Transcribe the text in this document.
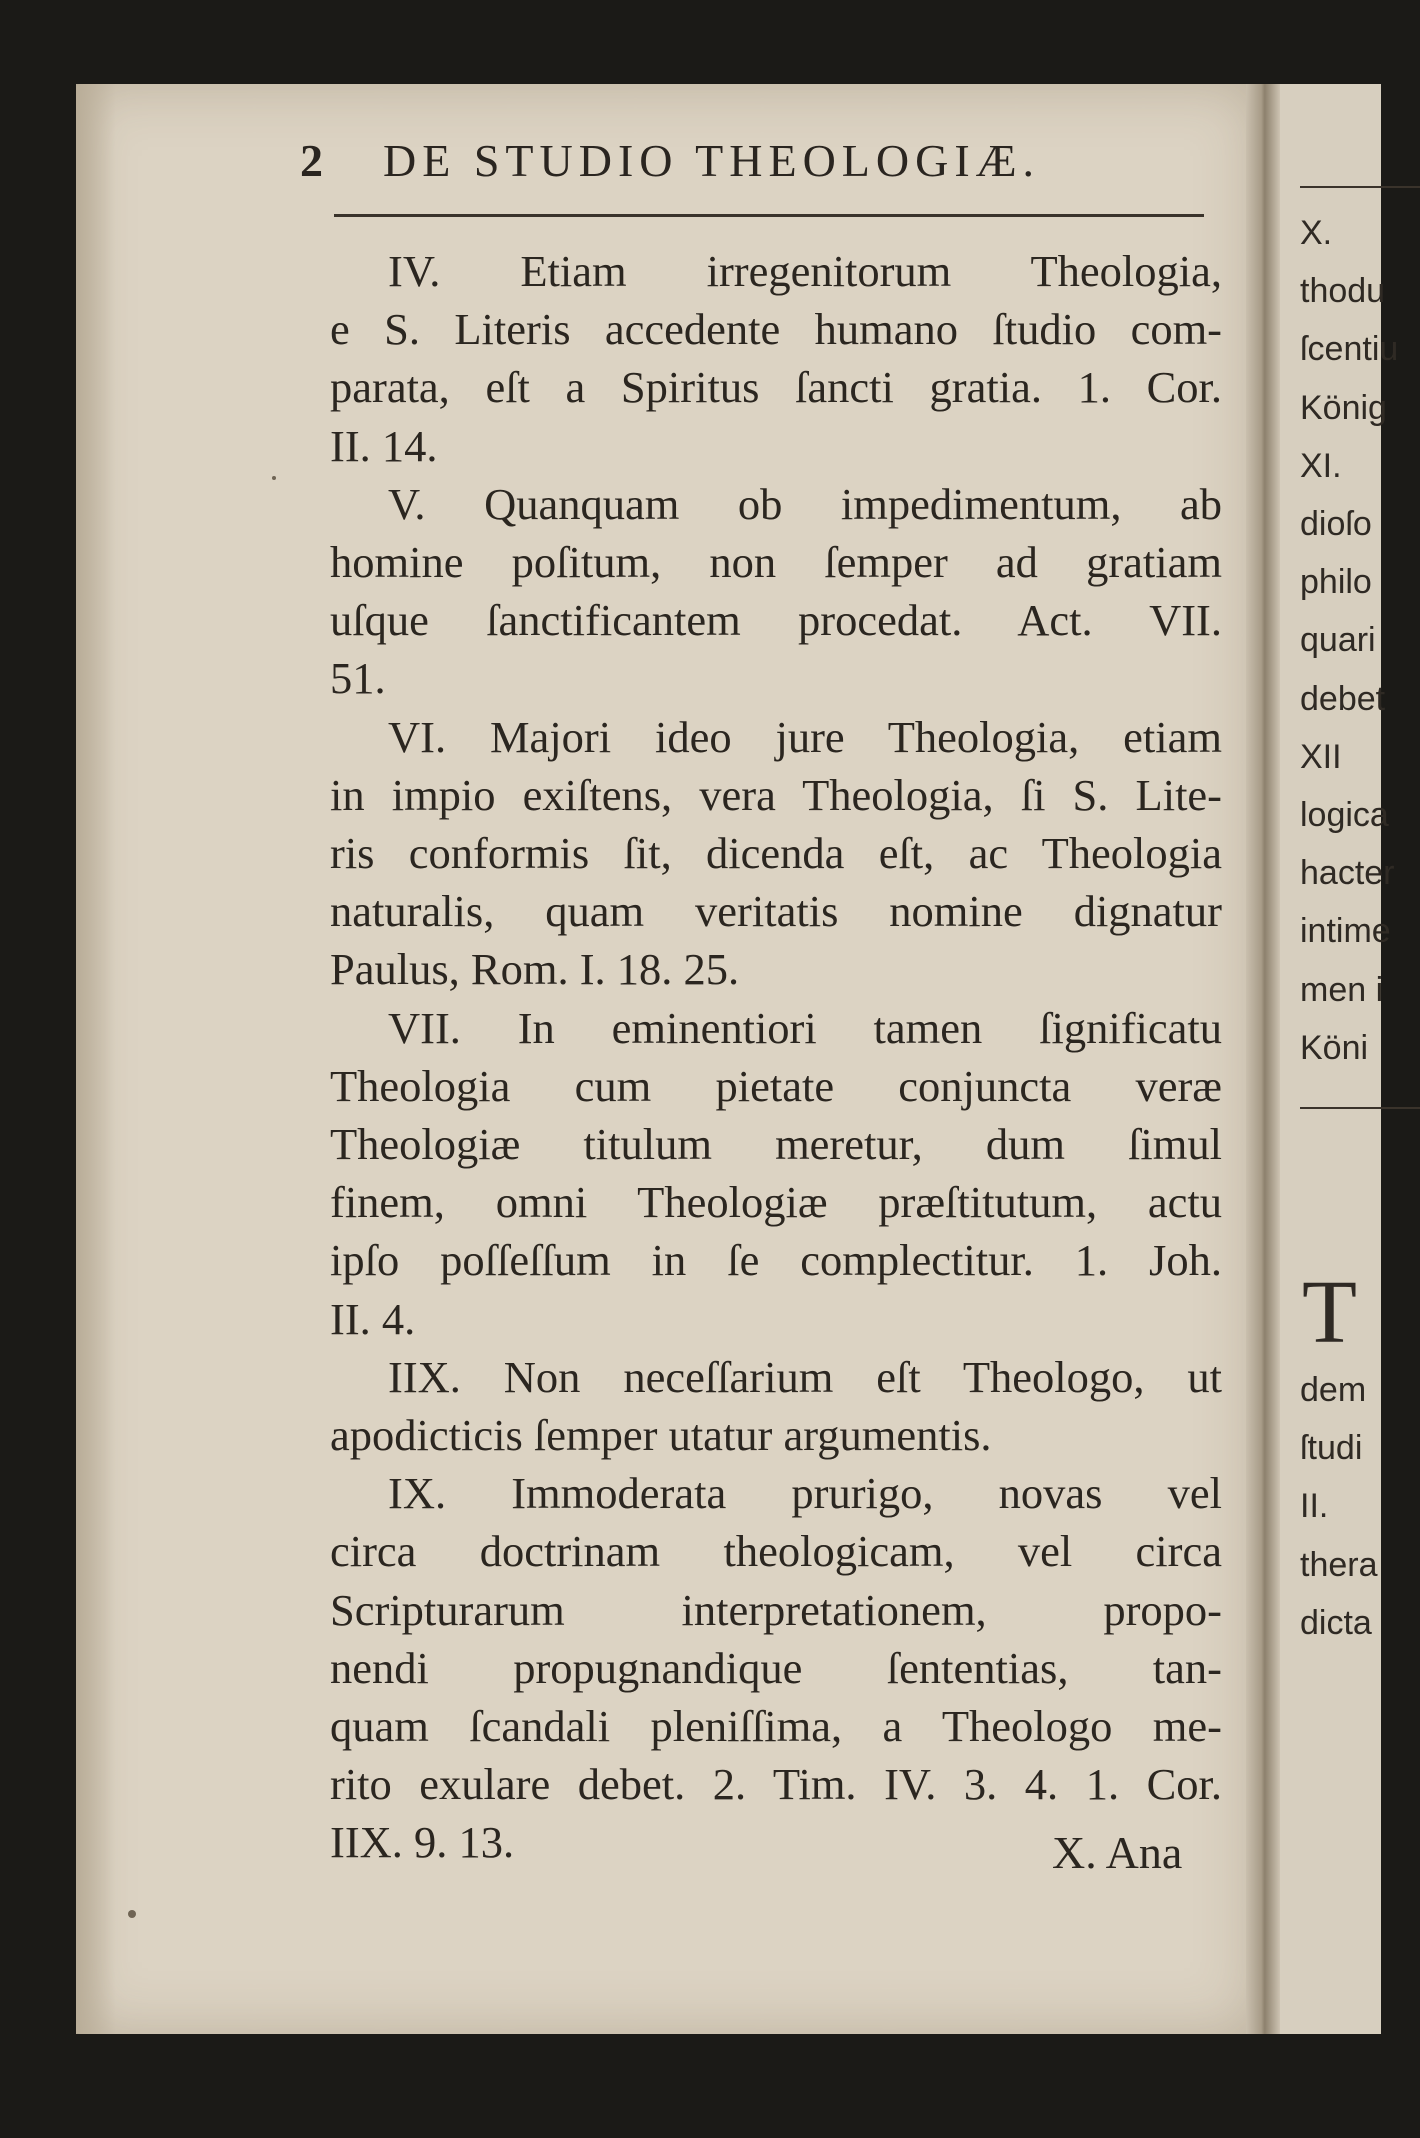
2 DE STUDIO THEOLOGIÆ.
IV. Etiam irregenitorum Theologia,
e S. Literis accedente humano ſtudio com-
parata, eſt a Spiritus ſancti gratia. 1. Cor.
II. 14.
V. Quanquam ob impedimentum, ab
homine poſitum, non ſemper ad gratiam
uſque ſanctificantem procedat. Act. VII.
51.
VI. Majori ideo jure Theologia, etiam
in impio exiſtens, vera Theologia, ſi S. Lite-
ris conformis ſit, dicenda eſt, ac Theologia
naturalis, quam veritatis nomine dignatur
Paulus, Rom. I. 18. 25.
VII. In eminentiori tamen ſignificatu
Theologia cum pietate conjuncta veræ
Theologiæ titulum meretur, dum ſimul
finem, omni Theologiæ præſtitutum, actu
ipſo poſſeſſum in ſe complectitur. 1. Joh.
II. 4.
IIX. Non neceſſarium eſt Theologo, ut
apodicticis ſemper utatur argumentis.
IX. Immoderata prurigo, novas vel
circa doctrinam theologicam, vel circa
Scripturarum interpretationem, propo-
nendi propugnandique ſententias, tan-
quam ſcandali pleniſſima, a Theologo me-
rito exulare debet. 2. Tim. IV. 3. 4. 1. Cor.
IIX. 9. 13.	X. Ana
X.
thodu
ſcentiu
König
XI.
dioſo
philo
quari
debet
XII
logica
hacter
intime
men i
Köni
T
dem
ſtudi
II.
thera
dicta
